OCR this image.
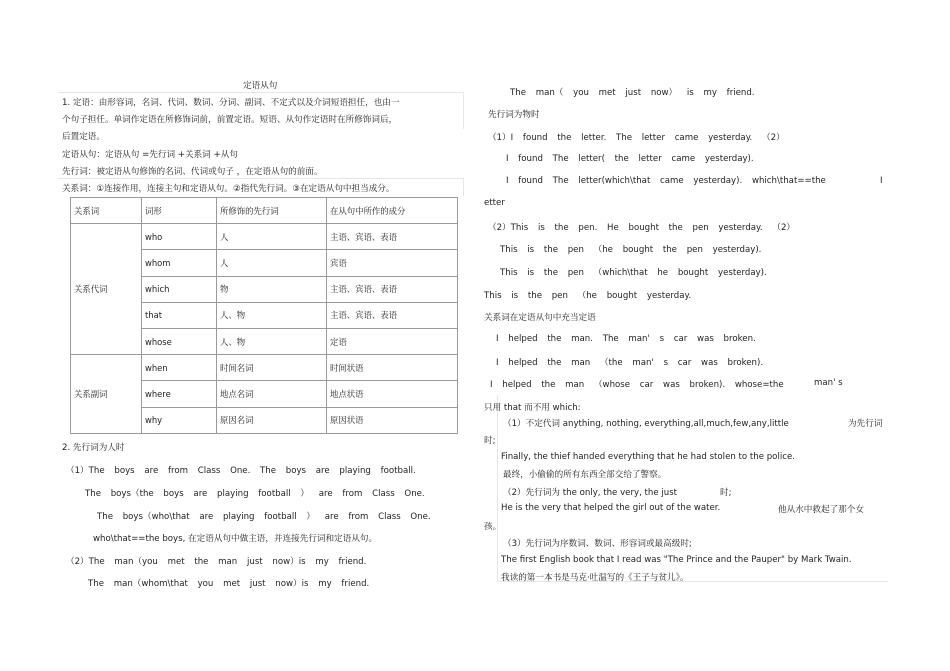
定语从句
1. 定语：由形容词，名词、代词、数词、分词、副词、不定式以及介词短语担任，也由一
个句子担任。单词作定语在所修饰词前，前置定语。短语、从句作定语时在所修饰词后，
后置定语。
定语从句：定语从句 =先行词 +关系词 +从句
先行词：被定语从句修饰的名词、代词或句子 ，在定语从句的前面。
关系词：①连接作用，连接主句和定语从句。②指代先行词。③在定语从句中担当成分。
关系词	词形	所修饰的先行词	在从句中所作的成分
关系代词	who	人	主语、宾语、表语
	whom	人	宾语
	which	物	主语、宾语、表语
	that	人、物	主语、宾语、表语
	whose	人、物	定语
关系副词	when	时间名词	时间状语
	where	地点名词	地点状语
	why	原因名词	原因状语
2. 先行词为人时
（1）The boys are from Class One. The boys are playing football.
The boys（the boys are playing football ） are from Class One.
The boys（who\that are playing football ） are from Class One.
who\that==the boys, 在定语从句中做主语，并连接先行词和定语从句。
（2）The man（you met the man just now）is my friend.
The man（whom\that you met just now）is my friend.
The man（ you met just now） is my friend.
先行词为物时
（1）I found the letter. The letter came yesterday. （2）
I found The letter( the letter came yesterday).
I found The letter(which\that came yesterday). which\that==the	I
etter
（2）This is the pen. He bought the pen yesterday. （2）
This is the pen （he bought the pen yesterday).
This is the pen （which\that he bought yesterday).
This is the pen （he bought yesterday.
关系词在定语从句中充当定语
I helped the man. The man' s car was broken.
I helped the man （the man' s car was broken).
I helped the man （whose car was broken). whose=the	man' s
只用 that 而不用 which:
（1）不定代词 anything, nothing, everything,all,much,few,any,little	为先行词
时;
Finally, the thief handed everything that he had stolen to the police.
最终，小偷偷的所有东西全部交给了警察。
（2）先行词为 the only, the very, the just	时;
He is the very that helped the girl out of the water.	他从水中救起了那个女
孩。
（3）先行词为序数词、数词、形容词或最高级时;
The first English book that I read was "The Prince and the Pauper" by Mark Twain.
我读的第一本书是马克·吐温写的《王子与贫儿》。
